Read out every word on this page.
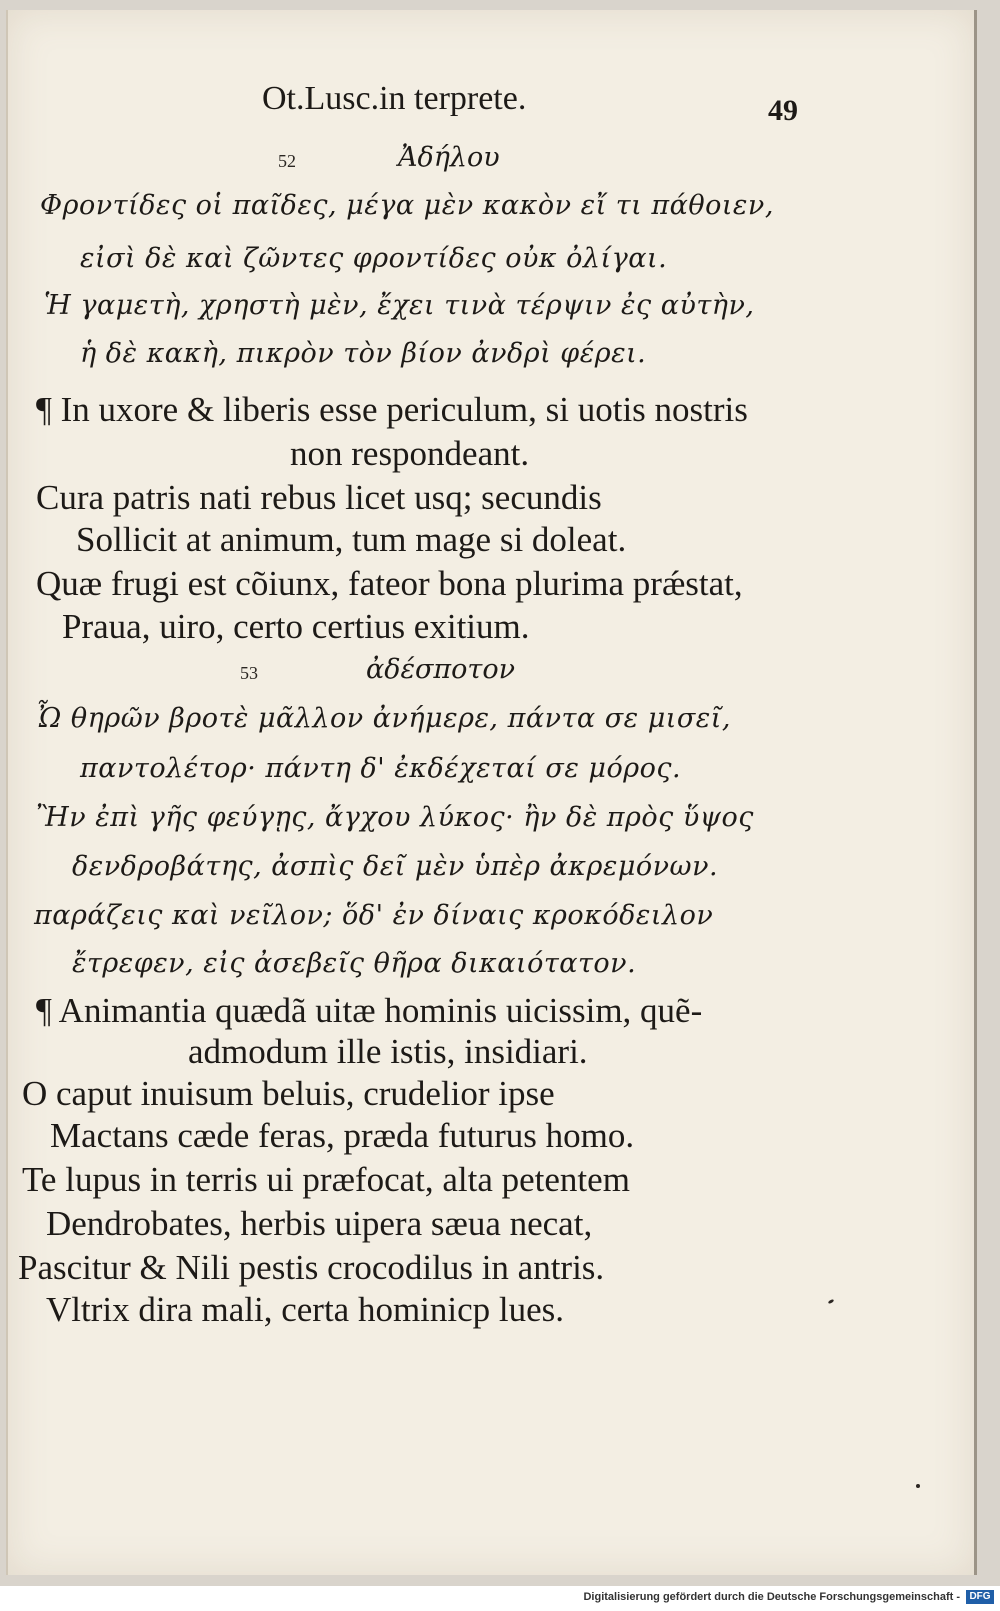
Ot.Lusc.in terprete.	49
52	Ἀδήλου
Φροντίδες οἱ παῖδες, μέγα μὲν κακὸν εἴ τι πάθοιεν,
εἰσὶ δὲ καὶ ζῶντες φροντίδες οὐκ ὀλίγαι.
Ἡ γαμετὴ, χρηστὴ μὲν, ἔχει τινὰ τέρψιν ἐς αὐτὴν,
ἡ δὲ κακὴ, πικρὸν τὸν βίον ἀνδρὶ φέρει.
¶ In uxore & liberis esse periculum, si uotis nostris
non respondeant.
Cura patris nati rebus licet usq; secundis
Sollicit at animum, tum mage si doleat.
Quæ frugi est cõiunx, fateor bona plurima prǽstat,
Praua, uiro, certo certius exitium.
53	ἀδέσποτον
Ὦ θηρῶν βροτὲ μᾶλλον ἀνήμερε, πάντα σε μισεῖ,
παντολέτορ· πάντη δ' ἐκδέχεταί σε μόρος.
Ἢν ἐπὶ γῆς φεύγῃς, ἄγχου λύκος· ἢν δὲ πρὸς ὕψος
δενδροβάτης, ἀσπὶς δεῖ μὲν ὑπὲρ ἀκρεμόνων.
παράζεις καὶ νεῖλον; ὅδ' ἐν δίναις κροκόδειλον
ἔτρεφεν, εἰς ἀσεβεῖς θῆρα δικαιότατον.
¶ Animantia quædã uitæ hominis uicissim, quẽ-
admodum ille istis, insidiari.
O caput inuisum beluis, crudelior ipse
Mactans cæde feras, præda futurus homo.
Te lupus in terris ui præfocat, alta petentem
Dendrobates, herbis uipera sæua necat,
Pascitur & Nili pestis crocodilus in antris.
Vltrix dira mali, certa hominicp lues.
Digitalisierung gefördert durch die Deutsche Forschungsgemeinschaft - DFG
